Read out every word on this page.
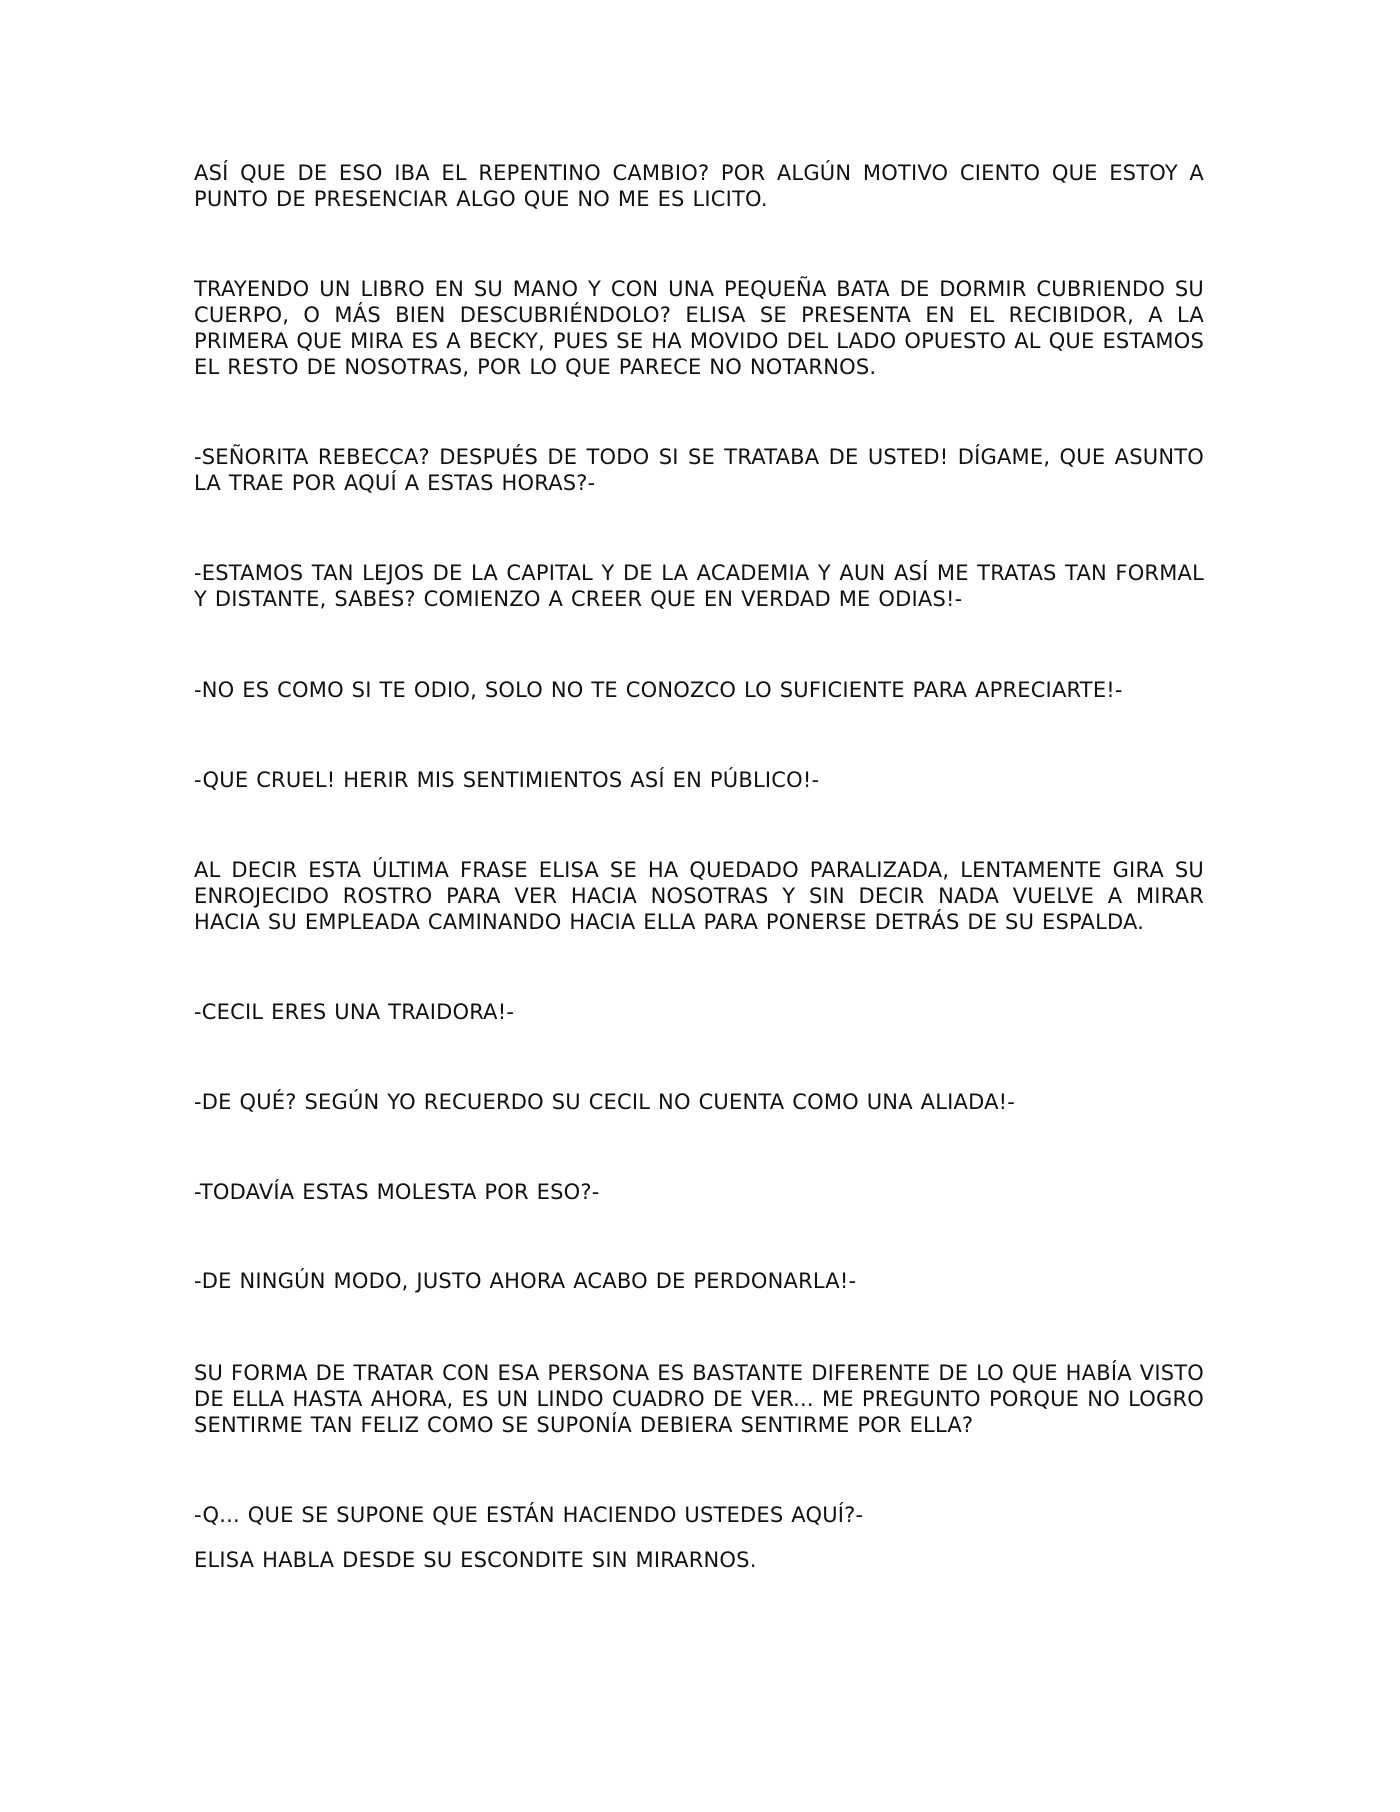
ASÍ QUE DE ESO IBA EL REPENTINO CAMBIO? POR ALGÚN MOTIVO CIENTO QUE ESTOY A PUNTO DE PRESENCIAR ALGO QUE NO ME ES LICITO.

TRAYENDO UN LIBRO EN SU MANO Y CON UNA PEQUEÑA BATA DE DORMIR CUBRIENDO SU CUERPO, O MÁS BIEN DESCUBRIÉNDOLO? ELISA SE PRESENTA EN EL RECIBIDOR, A LA PRIMERA QUE MIRA ES A BECKY, PUES SE HA MOVIDO DEL LADO OPUESTO AL QUE ESTAMOS EL RESTO DE NOSOTRAS, POR LO QUE PARECE NO NOTARNOS.

-SEÑORITA REBECCA? DESPUÉS DE TODO SI SE TRATABA DE USTED! DÍGAME, QUE ASUNTO LA TRAE POR AQUÍ A ESTAS HORAS?-

-ESTAMOS TAN LEJOS DE LA CAPITAL Y DE LA ACADEMIA Y AUN ASÍ ME TRATAS TAN FORMAL Y DISTANTE, SABES? COMIENZO A CREER QUE EN VERDAD ME ODIAS!-

-NO ES COMO SI TE ODIO, SOLO NO TE CONOZCO LO SUFICIENTE PARA APRECIARTE!-

-QUE CRUEL! HERIR MIS SENTIMIENTOS ASÍ EN PÚBLICO!-

AL DECIR ESTA ÚLTIMA FRASE ELISA SE HA QUEDADO PARALIZADA, LENTAMENTE GIRA SU ENROJECIDO ROSTRO PARA VER HACIA NOSOTRAS Y SIN DECIR NADA VUELVE A MIRAR HACIA SU EMPLEADA CAMINANDO HACIA ELLA PARA PONERSE DETRÁS DE SU ESPALDA.

-CECIL ERES UNA TRAIDORA!-

-DE QUÉ? SEGÚN YO RECUERDO SU CECIL NO CUENTA COMO UNA ALIADA!-

-TODAVÍA ESTAS MOLESTA POR ESO?-

-DE NINGÚN MODO, JUSTO AHORA ACABO DE PERDONARLA!-

SU FORMA DE TRATAR CON ESA PERSONA ES BASTANTE DIFERENTE DE LO QUE HABÍA VISTO DE ELLA HASTA AHORA, ES UN LINDO CUADRO DE VER... ME PREGUNTO PORQUE NO LOGRO SENTIRME TAN FELIZ COMO SE SUPONÍA DEBIERA SENTIRME POR ELLA?

-Q... QUE SE SUPONE QUE ESTÁN HACIENDO USTEDES AQUÍ?-

ELISA HABLA DESDE SU ESCONDITE SIN MIRARNOS.
